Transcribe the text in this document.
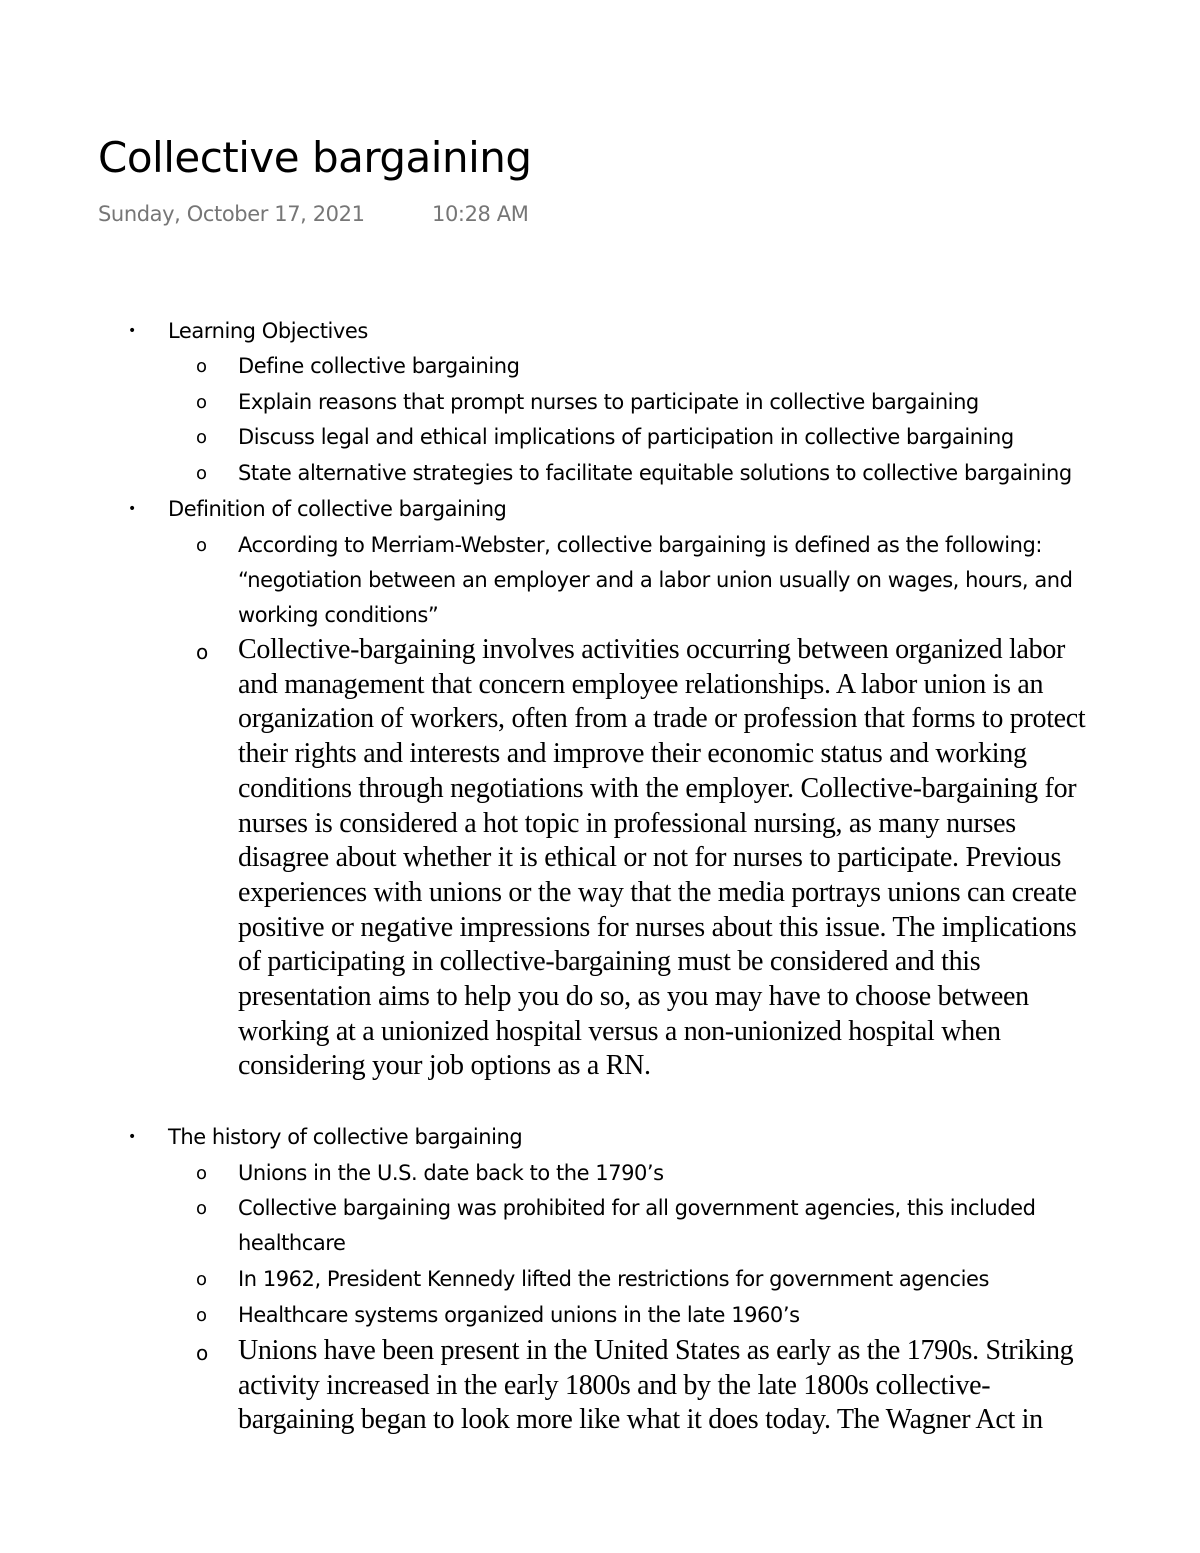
Collective bargaining
Sunday, October 17, 2021	10:28 AM
• Learning Objectives
o Define collective bargaining
o Explain reasons that prompt nurses to participate in collective bargaining
o Discuss legal and ethical implications of participation in collective bargaining
o State alternative strategies to facilitate equitable solutions to collective bargaining
• Definition of collective bargaining
o According to Merriam-Webster, collective bargaining is defined as the following:
“negotiation between an employer and a labor union usually on wages, hours, and
working conditions”
o Collective-bargaining involves activities occurring between organized labor
and management that concern employee relationships. A labor union is an
organization of workers, often from a trade or profession that forms to protect
their rights and interests and improve their economic status and working
conditions through negotiations with the employer. Collective-bargaining for
nurses is considered a hot topic in professional nursing, as many nurses
disagree about whether it is ethical or not for nurses to participate. Previous
experiences with unions or the way that the media portrays unions can create
positive or negative impressions for nurses about this issue. The implications
of participating in collective-bargaining must be considered and this
presentation aims to help you do so, as you may have to choose between
working at a unionized hospital versus a non-unionized hospital when
considering your job options as a RN.
• The history of collective bargaining
o Unions in the U.S. date back to the 1790’s
o Collective bargaining was prohibited for all government agencies, this included
healthcare
o In 1962, President Kennedy lifted the restrictions for government agencies
o Healthcare systems organized unions in the late 1960’s
o Unions have been present in the United States as early as the 1790s. Striking
activity increased in the early 1800s and by the late 1800s collective-
bargaining began to look more like what it does today. The Wagner Act in
